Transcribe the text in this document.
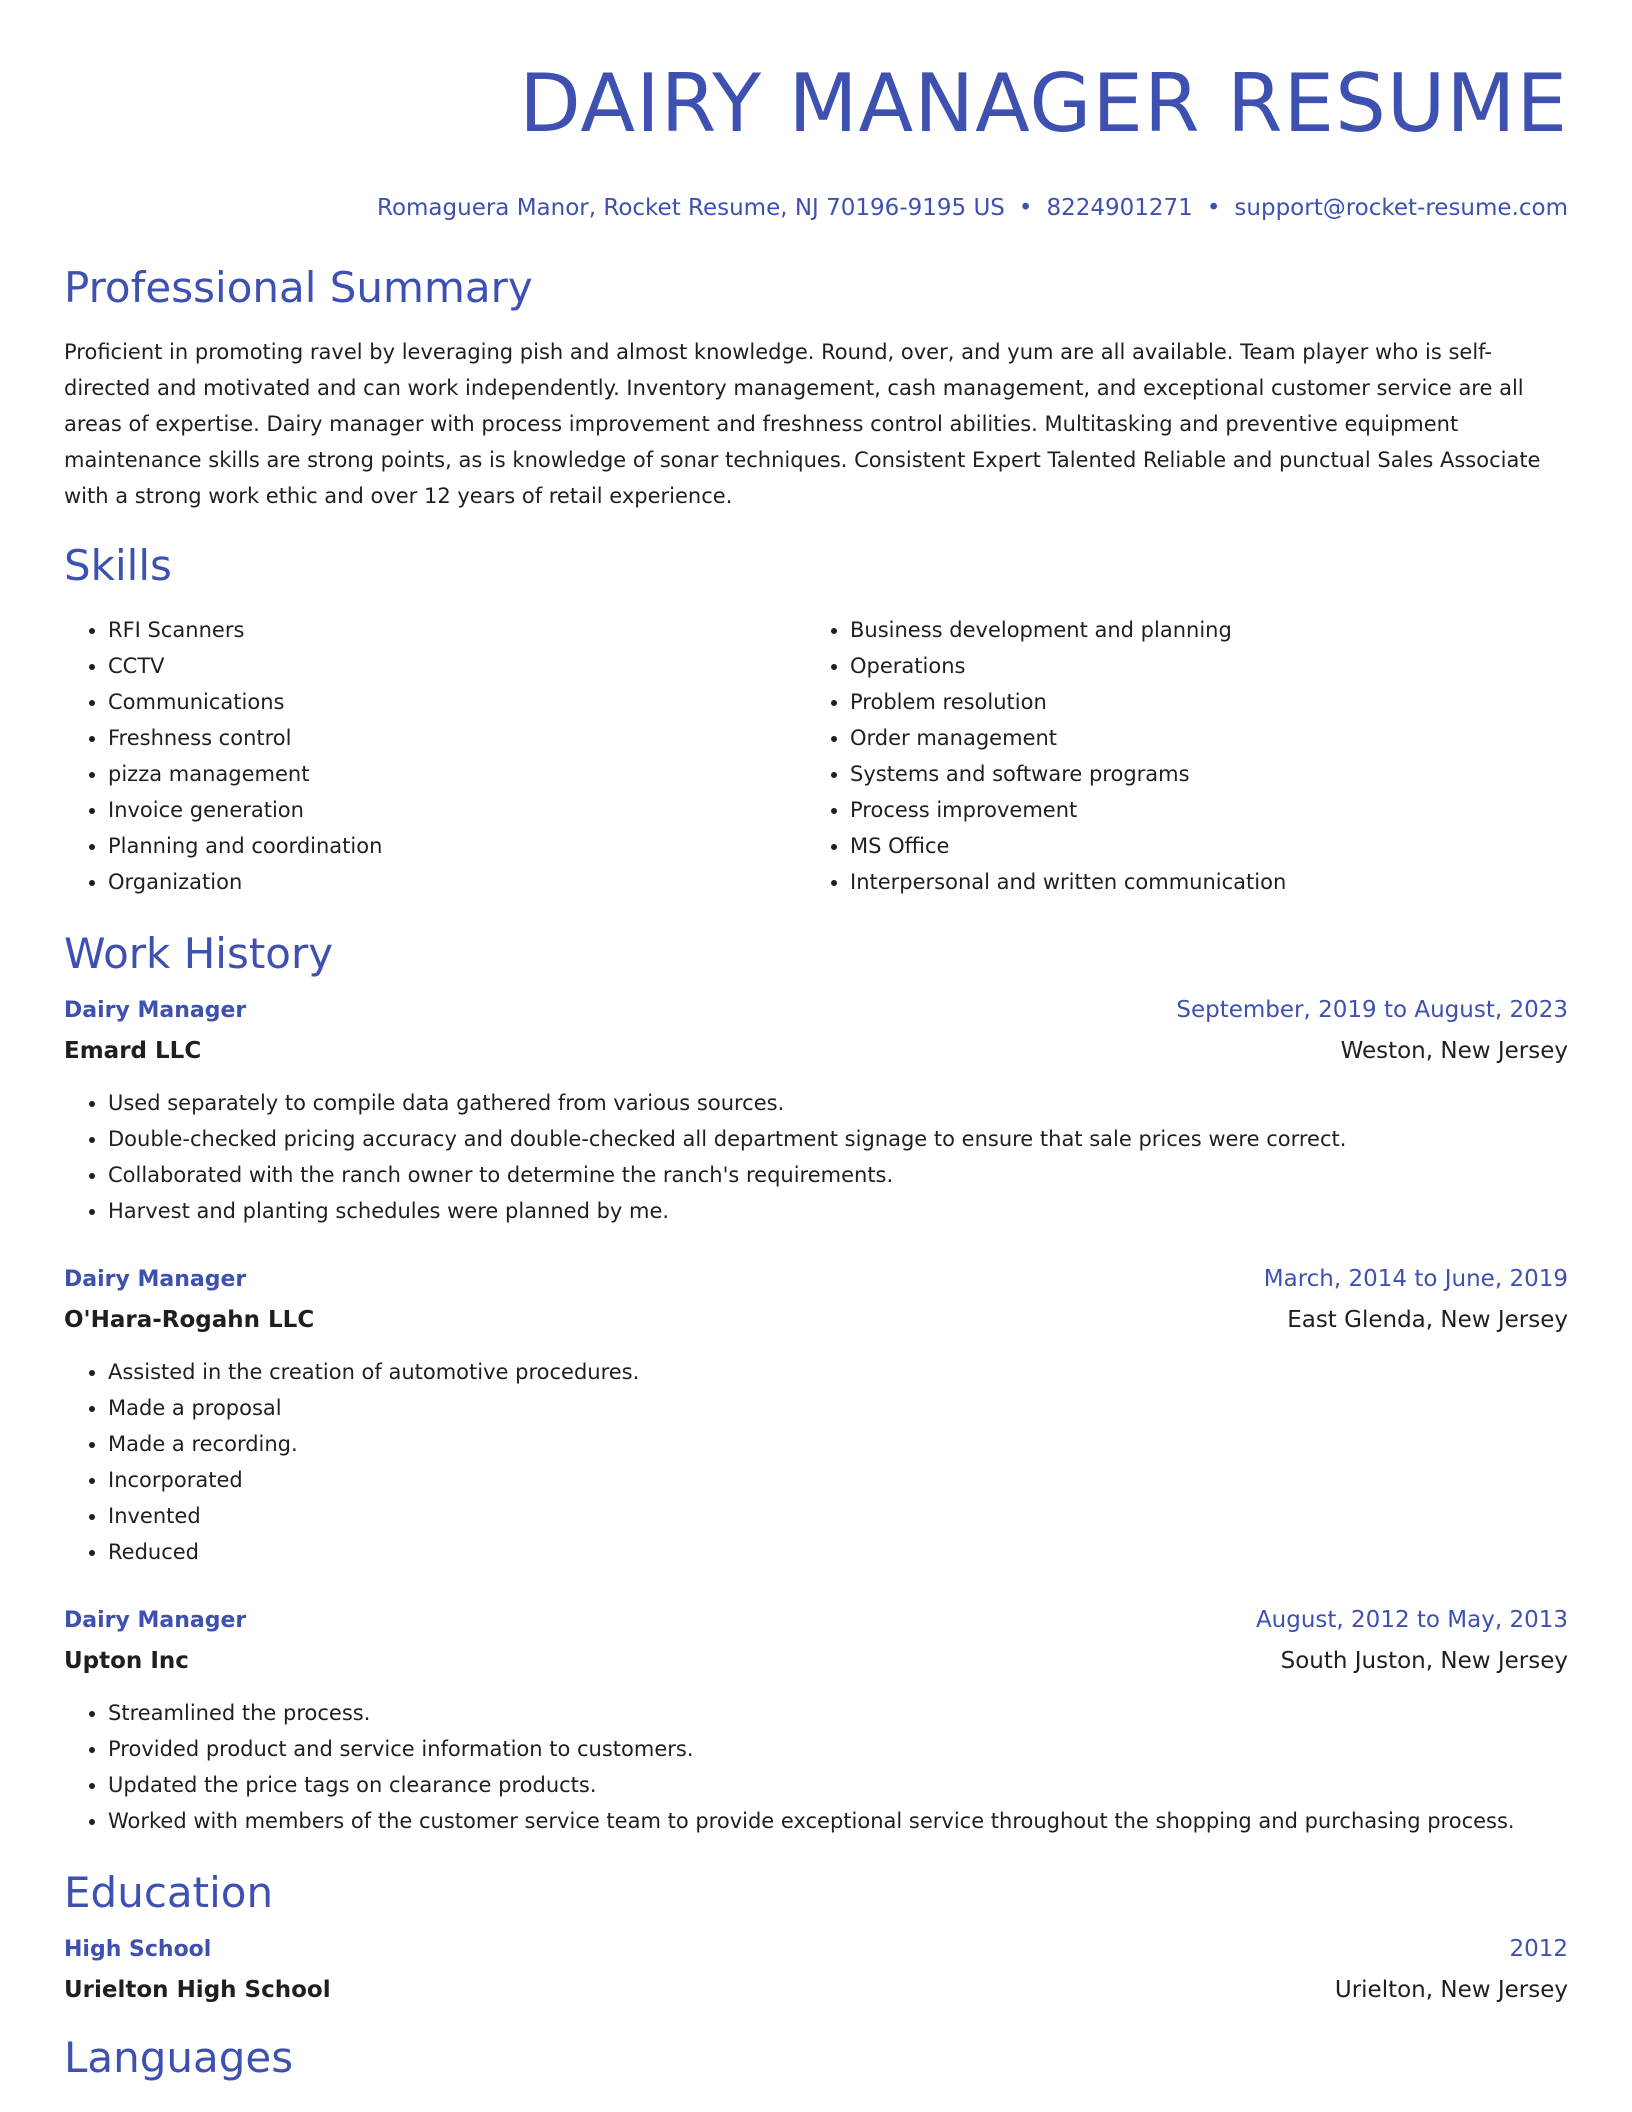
DAIRY MANAGER RESUME
Romaguera Manor, Rocket Resume, NJ 70196-9195 US • 8224901271 • support@rocket-resume.com
Professional Summary
Proficient in promoting ravel by leveraging pish and almost knowledge. Round, over, and yum are all available. Team player who is self-directed and motivated and can work independently. Inventory management, cash management, and exceptional customer service are all areas of expertise. Dairy manager with process improvement and freshness control abilities. Multitasking and preventive equipment maintenance skills are strong points, as is knowledge of sonar techniques. Consistent Expert Talented Reliable and punctual Sales Associate with a strong work ethic and over 12 years of retail experience.
Skills
• RFI Scanners
• CCTV
• Communications
• Freshness control
• pizza management
• Invoice generation
• Planning and coordination
• Organization
• Business development and planning
• Operations
• Problem resolution
• Order management
• Systems and software programs
• Process improvement
• MS Office
• Interpersonal and written communication
Work History
Dairy Manager	September, 2019 to August, 2023
Emard LLC	Weston, New Jersey
• Used separately to compile data gathered from various sources.
• Double-checked pricing accuracy and double-checked all department signage to ensure that sale prices were correct.
• Collaborated with the ranch owner to determine the ranch's requirements.
• Harvest and planting schedules were planned by me.
Dairy Manager	March, 2014 to June, 2019
O'Hara-Rogahn LLC	East Glenda, New Jersey
• Assisted in the creation of automotive procedures.
• Made a proposal
• Made a recording.
• Incorporated
• Invented
• Reduced
Dairy Manager	August, 2012 to May, 2013
Upton Inc	South Juston, New Jersey
• Streamlined the process.
• Provided product and service information to customers.
• Updated the price tags on clearance products.
• Worked with members of the customer service team to provide exceptional service throughout the shopping and purchasing process.
Education
High School	2012
Urielton High School	Urielton, New Jersey
Languages
